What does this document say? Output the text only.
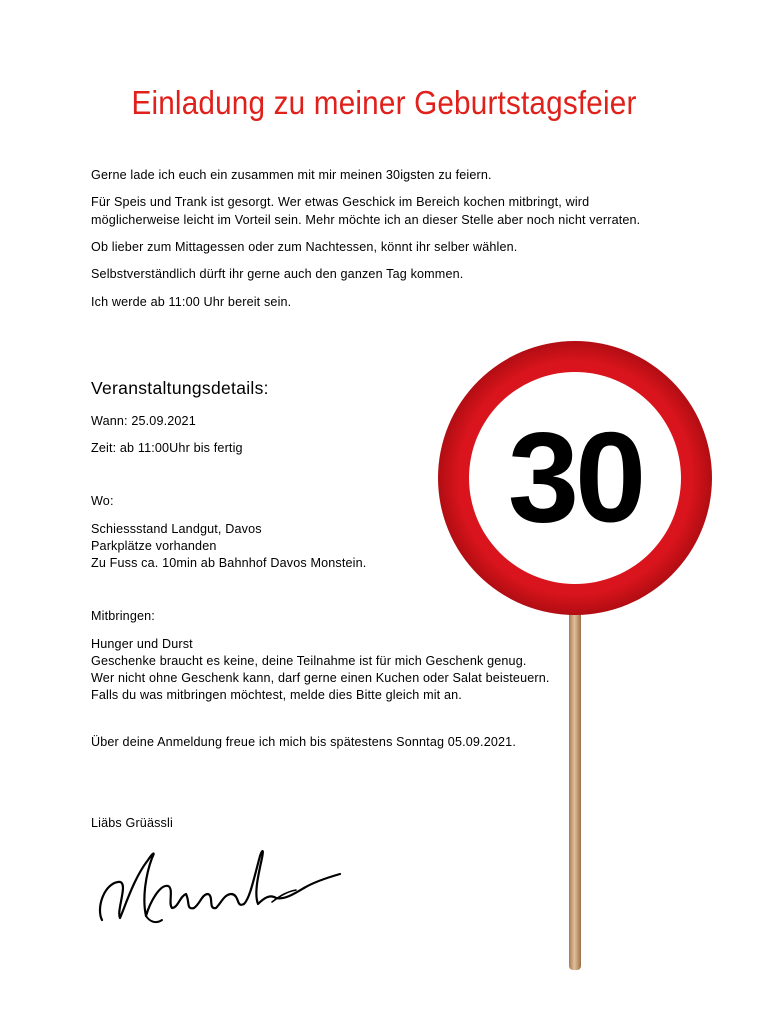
Einladung zu meiner Geburtstagsfeier

Gerne lade ich euch ein zusammen mit mir meinen 30igsten zu feiern.

Für Speis und Trank ist gesorgt. Wer etwas Geschick im Bereich kochen mitbringt, wird

möglicherweise leicht im Vorteil sein. Mehr möchte ich an dieser Stelle aber noch nicht verraten.

Ob lieber zum Mittagessen oder zum Nachtessen, könnt ihr selber wählen.

Selbstverständlich dürft ihr gerne auch den ganzen Tag kommen.

Ich werde ab 11:00 Uhr bereit sein.

Veranstaltungsdetails:

Wann: 25.09.2021

Zeit: ab 11:00Uhr bis fertig

Wo:

Schiessstand Landgut, Davos

Parkplätze vorhanden

Zu Fuss ca. 10min ab Bahnhof Davos Monstein.

Mitbringen:

Hunger und Durst

Geschenke braucht es keine, deine Teilnahme ist für mich Geschenk genug.

Wer nicht ohne Geschenk kann, darf gerne einen Kuchen oder Salat beisteuern.

Falls du was mitbringen möchtest, melde dies Bitte gleich mit an.

Über deine Anmeldung freue ich mich bis spätestens Sonntag 05.09.2021.

Liäbs Grüässli

30
